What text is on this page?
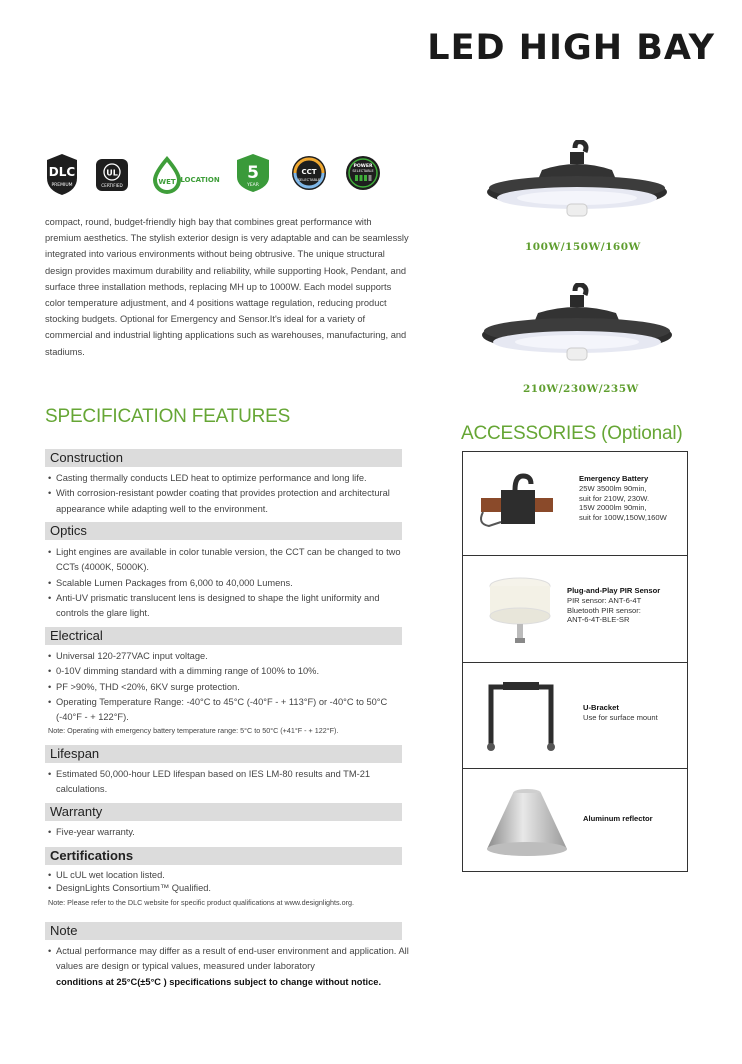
LED HIGH BAY
DLC
PREMIUM
UL
CERTIFIED	WET LOCATION 5
YEAR
CCT
SELECTABLE
POWER
SELECTABLE
compact, round, budget-friendly high bay that combines great performance with premium aesthetics. The stylish exterior design is very adaptable and can be seamlessly integrated into various environments without being obtrusive. The unique structural design provides maximum durability and reliability, while supporting Hook, Pendant, and surface three installation methods, replacing MH up to 1000W. Each model supports color temperature adjustment, and 4 positions wattage regulation, reducing product stocking budgets. Optional for Emergency and Sensor.It's ideal for a variety of commercial and industrial lighting applications such as warehouses, manufacturing, and stadiums.
100W/150W/160W
210W/230W/235W
SPECIFICATION FEATURES
ACCESSORIES (Optional)
Construction
• Casting thermally conducts LED heat to optimize performance and long life.
• With corrosion-resistant powder coating that provides protection and architectural appearance while adapting well to the environment.
Optics
• Light engines are available in color tunable version, the CCT can be changed to two CCTs (4000K, 5000K).
• Scalable Lumen Packages from 6,000 to 40,000 Lumens.
• Anti-UV prismatic translucent lens is designed to shape the light uniformity and controls the glare light.
Electrical
• Universal 120-277VAC input voltage.
• 0-10V dimming standard with a dimming range of 100% to 10%.
• PF >90%, THD <20%, 6KV surge protection.
• Operating Temperature Range: -40°C to 45°C (-40°F - + 113°F) or -40°C to 50°C (-40°F - + 122°F).
Note: Operating with emergency battery temperature range: 5°C to 50°C (+41°F - + 122°F).
Lifespan
• Estimated 50,000-hour LED lifespan based on IES LM-80 results and TM-21 calculations.
Warranty
• Five-year warranty.
Certifications
• UL cUL wet location listed.
• DesignLights Consortium™ Qualified.
Note: Please refer to the DLC website for specific product qualifications at www.designlights.org.
Note
• Actual performance may differ as a result of end-user environment and application. All values are design or typical values, measured under laboratory
conditions at 25°C(±5°C ) specifications subject to change without notice.
Emergency Battery
25W 3500lm 90min,
suit for 210W, 230W.
15W 2000lm 90min,
suit for 100W,150W,160W
Plug-and-Play PIR Sensor
PIR sensor: ANT-6-4T
Bluetooth PIR sensor:
ANT-6-4T-BLE-SR
U-Bracket
Use for surface mount
Aluminum reflector
